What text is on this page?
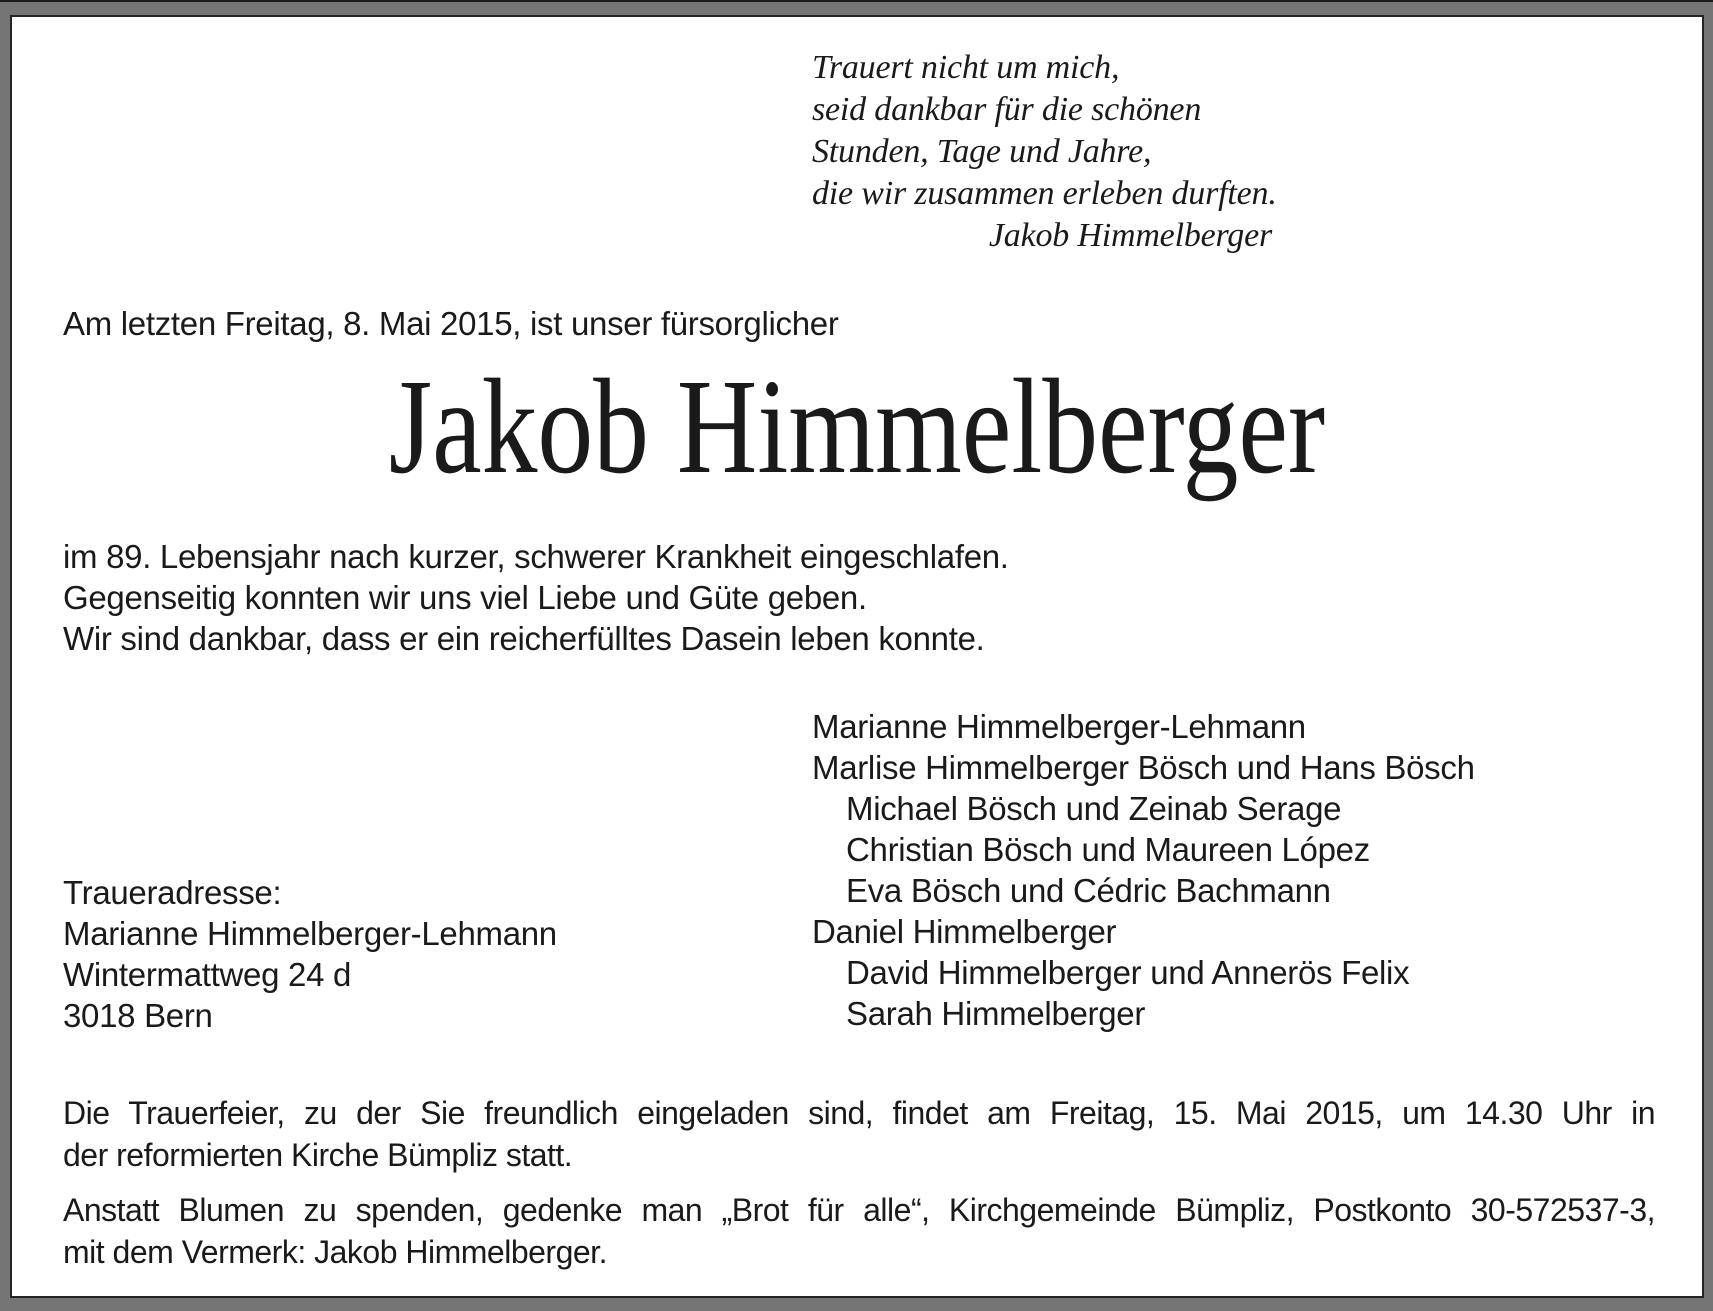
Trauert nicht um mich,
seid dankbar für die schönen
Stunden, Tage und Jahre,
die wir zusammen erleben durften.
Jakob Himmelberger
Am letzten Freitag, 8. Mai 2015, ist unser fürsorglicher
Jakob Himmelberger
im 89. Lebensjahr nach kurzer, schwerer Krankheit eingeschlafen.
Gegenseitig konnten wir uns viel Liebe und Güte geben.
Wir sind dankbar, dass er ein reicherfülltes Dasein leben konnte.
Marianne Himmelberger-Lehmann
Marlise Himmelberger Bösch und Hans Bösch
Michael Bösch und Zeinab Serage
Christian Bösch und Maureen López
Eva Bösch und Cédric Bachmann
Daniel Himmelberger
David Himmelberger und Annerös Felix
Sarah Himmelberger
Traueradresse:
Marianne Himmelberger-Lehmann
Wintermattweg 24 d
3018 Bern
Die Trauerfeier, zu der Sie freundlich eingeladen sind, findet am Freitag, 15. Mai 2015, um 14.30 Uhr in
der reformierten Kirche Bümpliz statt.
Anstatt Blumen zu spenden, gedenke man „Brot für alle“, Kirchgemeinde Bümpliz, Postkonto 30-572537-3,
mit dem Vermerk: Jakob Himmelberger.
